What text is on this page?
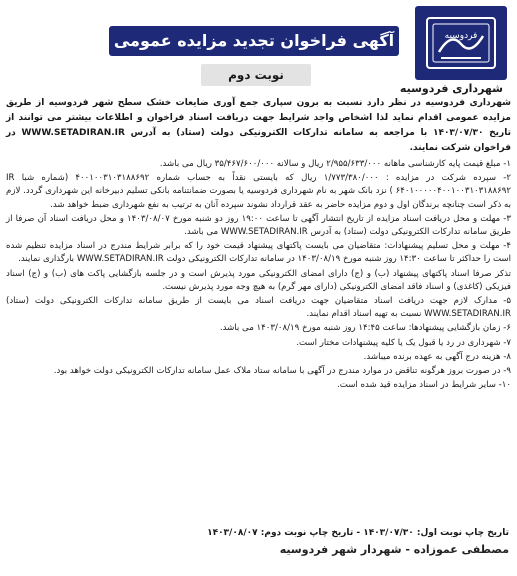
فردوسیه
شهرداری فردوسیه
آگهی فراخوان تجدید مزایده عمومی
نوبت دوم

شهرداری فردوسیه در نظر دارد نسبت به برون سپاری جمع آوری ضایعات خشک سطح شهر فردوسیه از طریق مزایده عمومی اقدام نماید لذا اشخاص واجد شرایط جهت دریافت اسناد فراخوان و اطلاعات بیشتر می توانند از تاریخ ۱۴۰۳/۰۷/۳۰ با مراجعه به سامانه تدارکات الکترونیکی دولت (ستاد) به آدرس WWW.SETADIRAN.IR در فراخوان شرکت نمایند.

۱- مبلغ قیمت پایه کارشناسی ماهانه ۲/۹۵۵/۶۳۳/۰۰۰ ریال و سالانه ۳۵/۴۶۷/۶۰۰/۰۰۰ ریال می باشد.

۲- سپرده شرکت در مزایده : ۱/۷۷۳/۳۸۰/۰۰۰ ریال که بایستی نقداً به حساب شماره ۴۰۰۱۰۰۳۱۰۳۱۸۸۶۹۲ (شماره شبا IR ۶۴۰۱۰۰۰۰۰۴۰۰۱۰۰۳۱۰۳۱۸۸۶۹۲ ) نزد بانک شهر به نام شهرداری فردوسیه یا بصورت ضمانتنامه بانکی تسلیم دبیرخانه این شهرداری گردد. لازم به ذکر است چنانچه برندگان اول و دوم مزایده حاضر به عقد قرارداد نشوند سپرده آنان به ترتیب به نفع شهرداری ضبط خواهد شد.

۳- مهلت و محل دریافت اسناد مزایده از تاریخ انتشار آگهی تا ساعت ۱۹:۰۰ روز دو شنبه مورخ ۱۴۰۳/۰۸/۰۷ و محل دریافت اسناد آن صرفا از طریق سامانه تدارکات الکترونیکی دولت (ستاد) به آدرس WWW.SETADIRAN.IR می باشد.

۴- مهلت و محل تسلیم پیشنهادات: متقاضیان می بایست پاکتهای پیشنهاد قیمت خود را که برابر شرایط مندرج در اسناد مزایده تنظیم شده است را حداکثر تا ساعت ۱۴:۳۰ روز شنبه مورخ ۱۴۰۳/۰۸/۱۹ در سامانه تدارکات الکترونیکی دولت WWW.SETADIRAN.IR بارگذاری نمایند.

تذکر صرفا اسناد پاکتهای پیشنهاد (ب) و (ج) دارای امضای الکترونیکی مورد پذیرش است و در جلسه بازگشایی پاکت های (ب) و (ج) اسناد فیزیکی (کاغذی) و اسناد فاقد امضای الکترونیکی (دارای مهر گرم) به هیچ وجه مورد پذیرش نیست.

۵- مدارک لازم جهت دریافت اسناد متقاضیان جهت دریافت اسناد می بایست از طریق سامانه تدارکات الکترونیکی دولت (ستاد) WWW.SETADIRAN.IR نسبت به تهیه اسناد اقدام نمایند.

۶- زمان بازگشایی پیشنهادها: ساعت ۱۴:۴۵ روز شنبه مورخ ۱۴۰۳/۰۸/۱۹ می باشد.

۷- شهرداری در رد یا قبول یک یا کلیه پیشنهادات مختار است.

۸- هزینه درج آگهی به عهده برنده میباشد.

۹- در صورت بروز هرگونه تناقض در موارد مندرج در آگهی با سامانه ستاد ملاک عمل سامانه تدارکات الکترونیکی دولت خواهد بود.

۱۰- سایر شرایط در اسناد مزایده قید شده است.

تاریخ چاپ نوبت اول: ۱۴۰۳/۰۷/۳۰ - تاریخ چاپ نوبت دوم: ۱۴۰۳/۰۸/۰۷
مصطفی عموزاده - شهردار شهر فردوسیه
